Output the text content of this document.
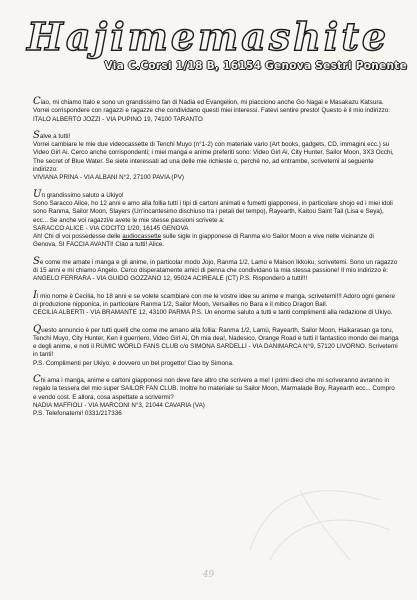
Hajimemashite
Via C.Corsi 1/18 B, 16154 Genova Sestri Ponente

Ciao, mi chiamo Italo e sono un grandissimo fan di Nadia ed Evangelion, mi piacciono anche Go Nagai e Masakazu Katsura. Vorrei corrispondere con ragazzi e ragazze che condividano questi miei interessi. Fatevi sentire presto! Questo è il mio indirizzo:

ITALO ALBERTO JOZZI - VIA PUPINO 19, 74100 TARANTO

Salve a tutti!

Vorrei cambiare le mie due videocassette di Tenchi Muyo (n°1-2) con materiale vario (Art books, gadgets, CD, immagini ecc.) su Video Girl Ai. Cerco anche corrispondenti; i miei manga e anime preferiti sono: Video Girl Ai, City Hunter, Sailor Moon, 3X3 Occhi, The secret of Blue Water. Se siete interessati ad una delle mie richieste o, perché no, ad entrambe, scrivetemi al seguente indirizzo:

VIVIANA PRINA - VIA ALBANI N°2, 27100 PAVIA (PV)

Un grandissimo saluto a Ukiyo!

Sono Saracco Alice, ho 12 anni e amo alla follia tutti i tipi di cartoni animati e fumetti giapponesi, in particolare shojo ed i miei idoli sono Ranma, Sailor Moon, Slayers (Un'incantesimo dischiuso tra i petali del tempo), Rayearth, Kaitou Saint Tail (Lisa e Seya), ecc... Se anche voi ragazzi/e avete le mie stesse passioni scrivete a:

SARACCO ALICE - VIA COCITO 1/20, 16145 GENOVA

Ah! Chi di voi possedesse delle audiocassette sulle sigle in giapponese di Ranma e/o Sailor Moon e vive nelle vicinanze di Genova, SI FACCIA AVANTI! Ciao a tutti! Alice.

Se come me amate i manga e gli anime, in particolar modo Jojo, Ranma 1/2, Lamù e Maison Ikkoku, scrivetemi. Sono un ragazzo di 15 anni e mi chiamo Angelo. Cerco disperatamente amici di penna che condividano la mia stessa passione! Il mio indirizzo è:

ANGELO FERRARA - VIA GUIDO GOZZANO 12, 95024 ACIREALE (CT) P.S. Risponderò a tutti!!!

Il mio nome è Cecilia, ho 18 anni e se volete scambiare con me le vostre idee su anime e manga, scrivetemi!!! Adoro ogni genere di produzione nipponica, in particolare Ranma 1/2, Sailor Moon, Versailles no Bara e il mitico Dragon Ball.

CECILIA ALBERTI - VIA BRAMANTE 12, 43100 PARMA P.S. Un enorme saluto a tutti e tanti complimenti alla redazione di Ukiyo.

Questo annuncio è per tutti quelli che come me amano alla follia: Ranma 1/2, Lamù, Rayearth, Sailor Moon, Haikarasan ga toru, Tenchi Muyo, City Hunter, Ken il guerriero, Video Girl Ai, Oh mia dea!, Nadesico, Orange Road e tutti il fantastico mondo dei manga e degli anime, e noti il RUMIC WORLD FANS CLUB c/o SIMONA SARDELLI - VIA DANIMARCA N°9, 57120 LIVORNO. Scrivetemi in tanti!

P.S. Complimenti per Ukiyo; è dovvero un bel progetto! Ciao by Simona.

Chi ama i manga, anime e cartoni giapponesi non deve fare altro che scrivere a me! I primi dieci che mi scriveranno avranno in regalo la tessera del mio super SAILOR FAN CLUB. Inoltre ho materiale su Sailor Moon, Marmalade Boy, Rayearth ecc... Compro e vendo cost. E allora, cosa aspettate a scrivermi?

NADIA MAFFIOLI - VIA MARCONI N°3, 21044 CAVARIA (VA)

P.S. Telefonatemi! 0331/217336

49
